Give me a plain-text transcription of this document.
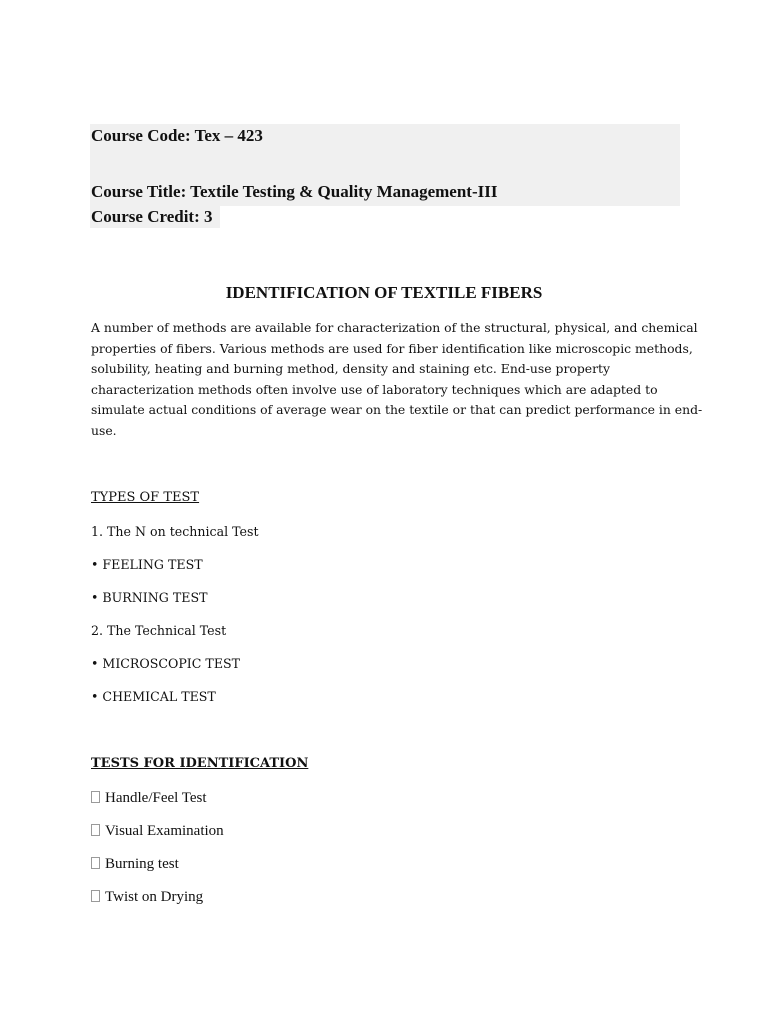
Course Code: Tex – 423
Course Title: Textile Testing & Quality Management-III
Course Credit: 3
IDENTIFICATION OF TEXTILE FIBERS
A number of methods are available for characterization of the structural, physical, and chemical
properties of fibers. Various methods are used for fiber identification like microscopic methods,
solubility, heating and burning method, density and staining etc. End-use property
characterization methods often involve use of laboratory techniques which are adapted to
simulate actual conditions of average wear on the textile or that can predict performance in end-
use.
TYPES OF TEST
1. The N on technical Test
• FEELING TEST
• BURNING TEST
2. The Technical Test
• MICROSCOPIC TEST
• CHEMICAL TEST
TESTS FOR IDENTIFICATION
Handle/Feel Test
Visual Examination
Burning test
Twist on Drying
